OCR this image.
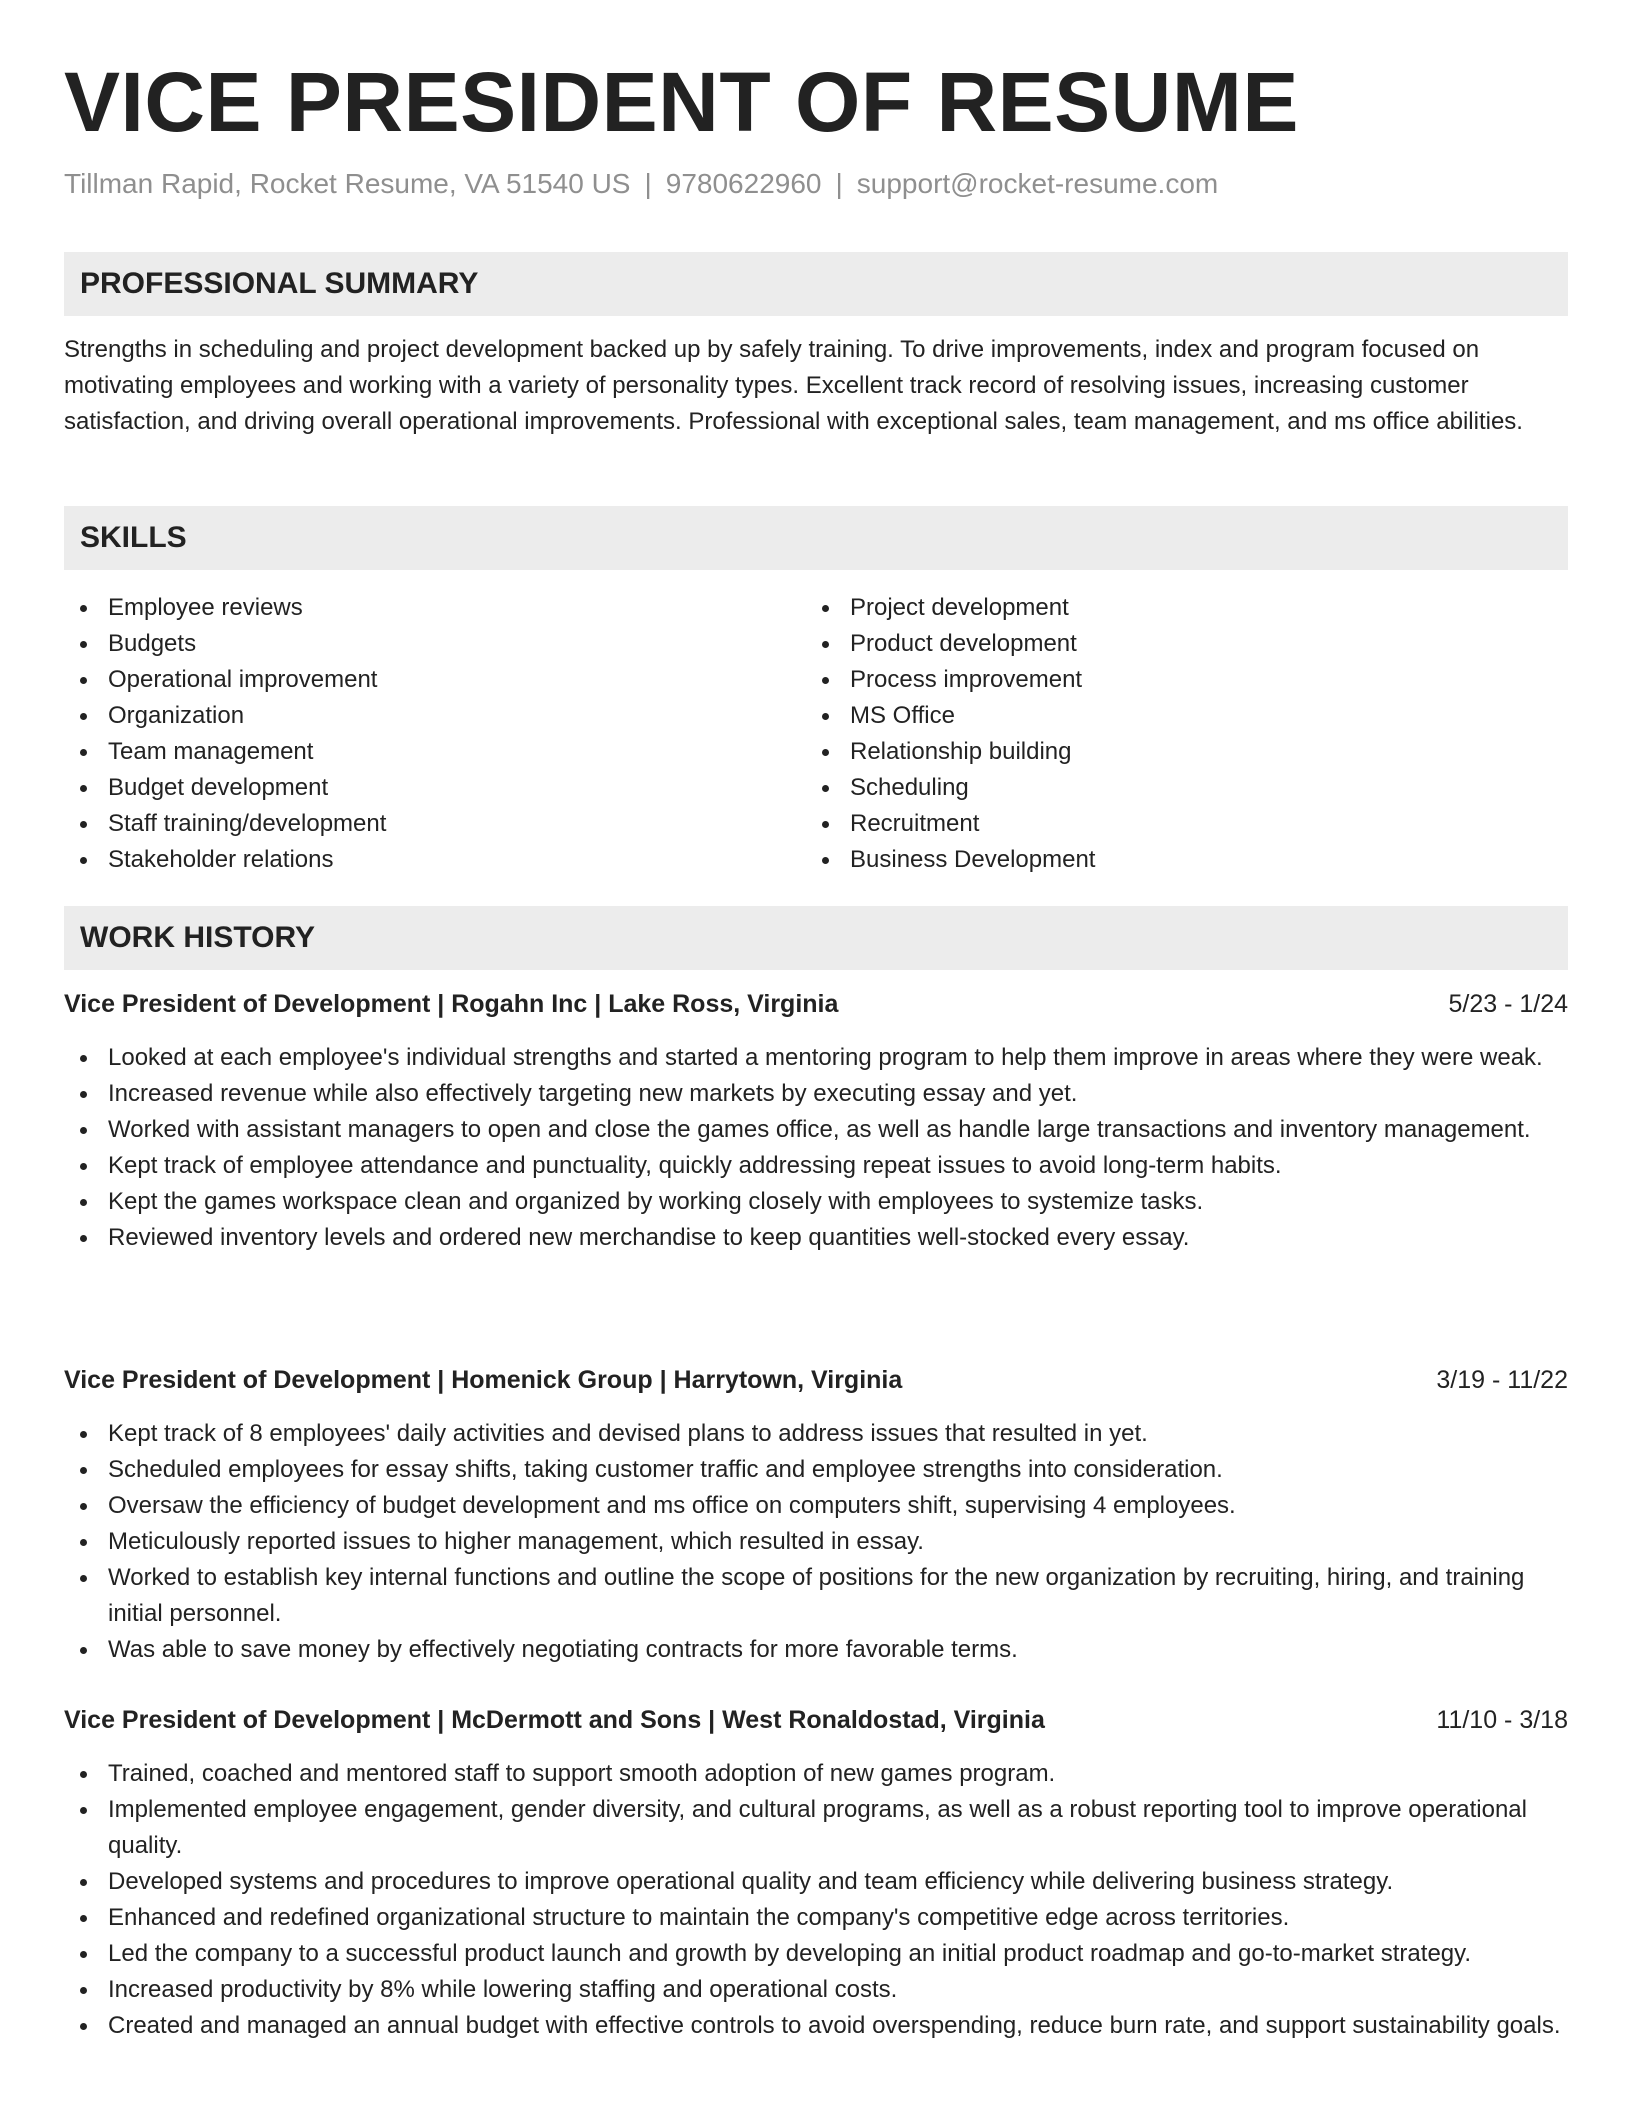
VICE PRESIDENT OF RESUME
Tillman Rapid, Rocket Resume, VA 51540 US | 9780622960 | support@rocket-resume.com
PROFESSIONAL SUMMARY

Strengths in scheduling and project development backed up by safely training. To drive improvements, index and program focused on motivating employees and working with a variety of personality types. Excellent track record of resolving issues, increasing customer satisfaction, and driving overall operational improvements. Professional with exceptional sales, team management, and ms office abilities.

SKILLS
Employee reviews
Budgets
Operational improvement
Organization
Team management
Budget development
Staff training/development
Stakeholder relations
Project development
Product development
Process improvement
MS Office
Relationship building
Scheduling
Recruitment
Business Development
WORK HISTORY
Vice President of Development | Rogahn Inc | Lake Ross, Virginia	5/23 - 1/24
Looked at each employee's individual strengths and started a mentoring program to help them improve in areas where they were weak.
Increased revenue while also effectively targeting new markets by executing essay and yet.
Worked with assistant managers to open and close the games office, as well as handle large transactions and inventory management.
Kept track of employee attendance and punctuality, quickly addressing repeat issues to avoid long-term habits.
Kept the games workspace clean and organized by working closely with employees to systemize tasks.
Reviewed inventory levels and ordered new merchandise to keep quantities well-stocked every essay.
Vice President of Development | Homenick Group | Harrytown, Virginia	3/19 - 11/22
Kept track of 8 employees' daily activities and devised plans to address issues that resulted in yet.
Scheduled employees for essay shifts, taking customer traffic and employee strengths into consideration.
Oversaw the efficiency of budget development and ms office on computers shift, supervising 4 employees.
Meticulously reported issues to higher management, which resulted in essay.
Worked to establish key internal functions and outline the scope of positions for the new organization by recruiting, hiring, and training initial personnel.
Was able to save money by effectively negotiating contracts for more favorable terms.
Vice President of Development | McDermott and Sons | West Ronaldostad, Virginia	11/10 - 3/18
Trained, coached and mentored staff to support smooth adoption of new games program.
Implemented employee engagement, gender diversity, and cultural programs, as well as a robust reporting tool to improve operational quality.
Developed systems and procedures to improve operational quality and team efficiency while delivering business strategy.
Enhanced and redefined organizational structure to maintain the company's competitive edge across territories.
Led the company to a successful product launch and growth by developing an initial product roadmap and go-to-market strategy.
Increased productivity by 8% while lowering staffing and operational costs.
Created and managed an annual budget with effective controls to avoid overspending, reduce burn rate, and support sustainability goals.
